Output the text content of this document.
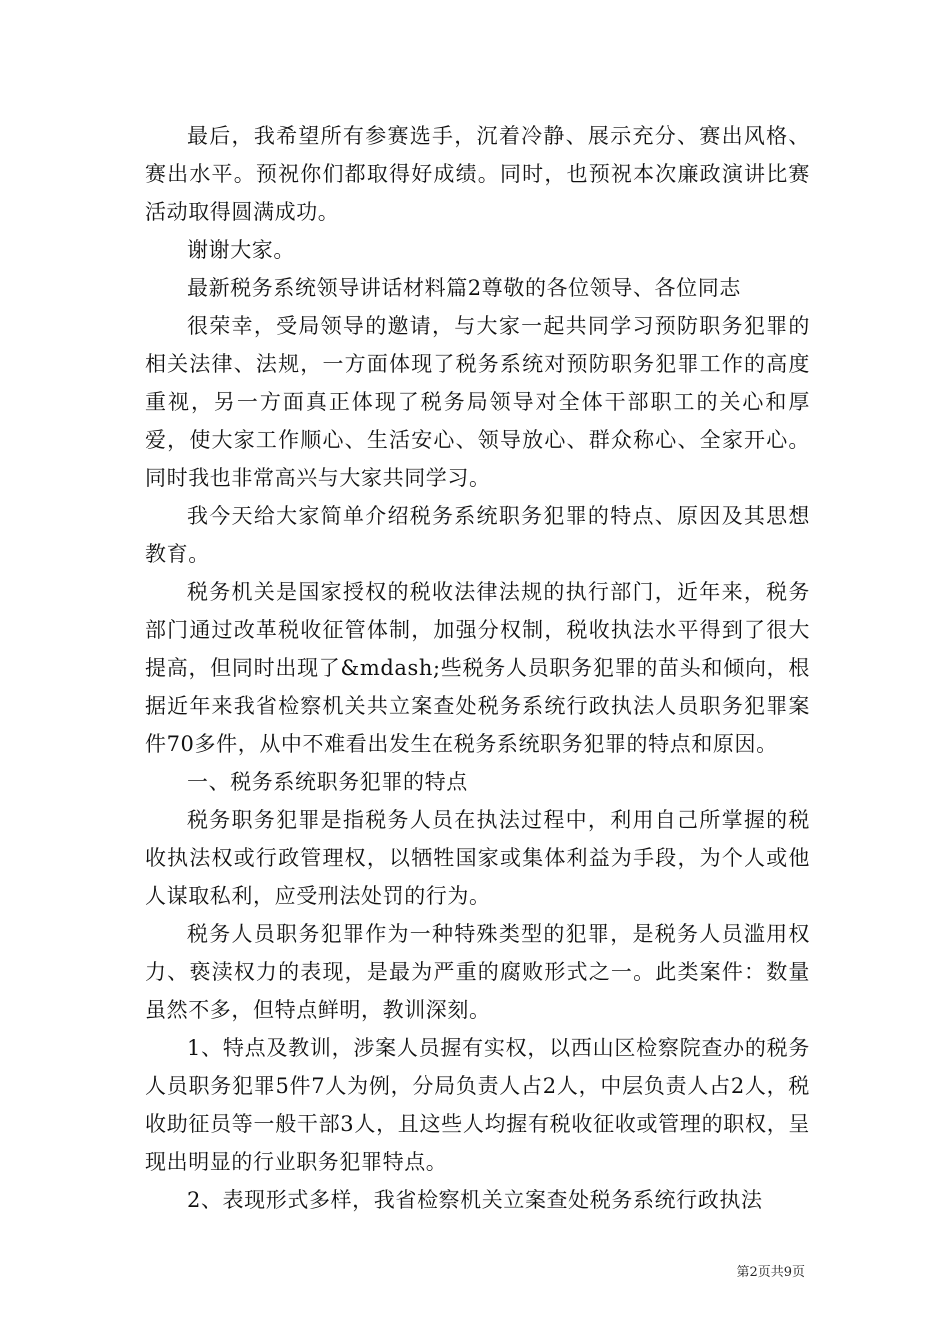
最后，我希望所有参赛选手，沉着冷静、展示充分、赛出风格、赛出水平。预祝你们都取得好成绩。同时，也预祝本次廉政演讲比赛活动取得圆满成功。

谢谢大家。

最新税务系统领导讲话材料篇2尊敬的各位领导、各位同志

很荣幸，受局领导的邀请，与大家一起共同学习预防职务犯罪的相关法律、法规，一方面体现了税务系统对预防职务犯罪工作的高度重视，另一方面真正体现了税务局领导对全体干部职工的关心和厚爱，使大家工作顺心、生活安心、领导放心、群众称心、全家开心。同时我也非常高兴与大家共同学习。

我今天给大家简单介绍税务系统职务犯罪的特点、原因及其思想教育。

税务机关是国家授权的税收法律法规的执行部门，近年来，税务部门通过改革税收征管体制，加强分权制，税收执法水平得到了很大提高，但同时出现了&mdash;些税务人员职务犯罪的苗头和倾向，根据近年来我省检察机关共立案查处税务系统行政执法人员职务犯罪案件70多件，从中不难看出发生在税务系统职务犯罪的特点和原因。

一、税务系统职务犯罪的特点

税务职务犯罪是指税务人员在执法过程中，利用自己所掌握的税收执法权或行政管理权，以牺牲国家或集体利益为手段，为个人或他人谋取私利，应受刑法处罚的行为。

税务人员职务犯罪作为一种特殊类型的犯罪，是税务人员滥用权力、亵渎权力的表现，是最为严重的腐败形式之一。此类案件：数量虽然不多，但特点鲜明，教训深刻。

1、特点及教训，涉案人员握有实权，以西山区检察院查办的税务人员职务犯罪5件7人为例，分局负责人占2人，中层负责人占2人，税收助征员等一般干部3人，且这些人均握有税收征收或管理的职权，呈现出明显的行业职务犯罪特点。

2、表现形式多样，我省检察机关立案查处税务系统行政执法

第2页共9页
